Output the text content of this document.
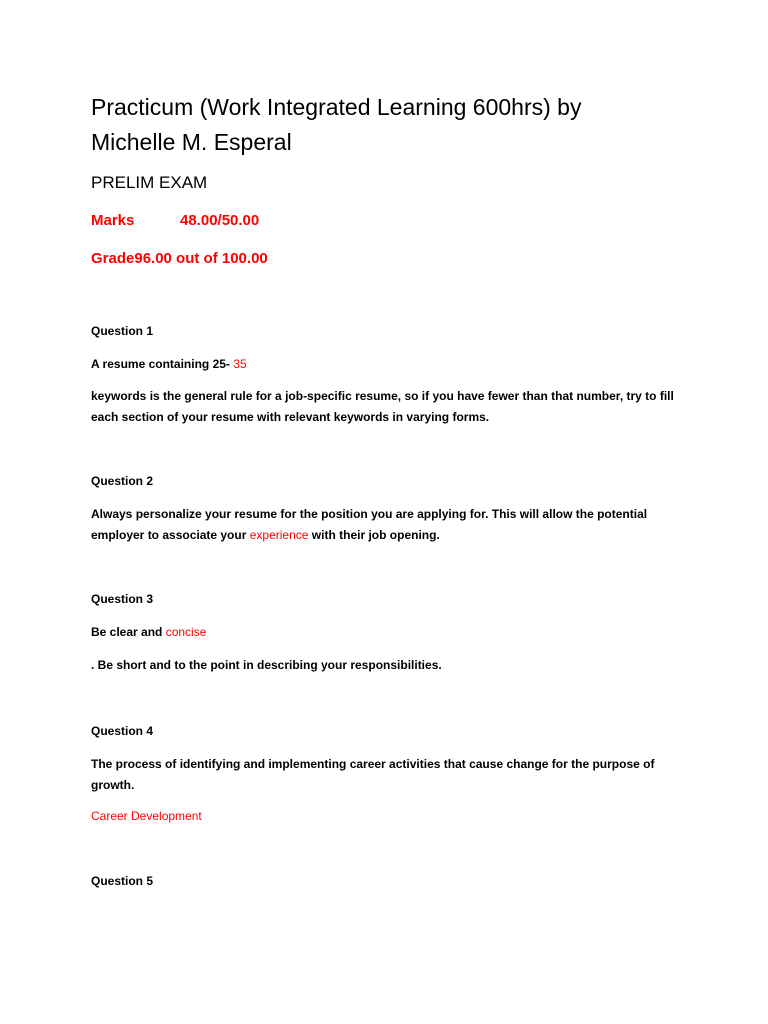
Practicum (Work Integrated Learning 600hrs) by
Michelle M. Esperal
PRELIM EXAM
Marks	48.00/50.00
Grade96.00 out of 100.00

Question 1

A resume containing 25- 35

keywords is the general rule for a job-specific resume, so if you have fewer than that number, try to fill each section of your resume with relevant keywords in varying forms.

Question 2

Always personalize your resume for the position you are applying for. This will allow the potential employer to associate your experience with their job opening.

Question 3

Be clear and concise

. Be short and to the point in describing your responsibilities.

Question 4

The process of identifying and implementing career activities that cause change for the purpose of growth.

Career Development

Question 5
